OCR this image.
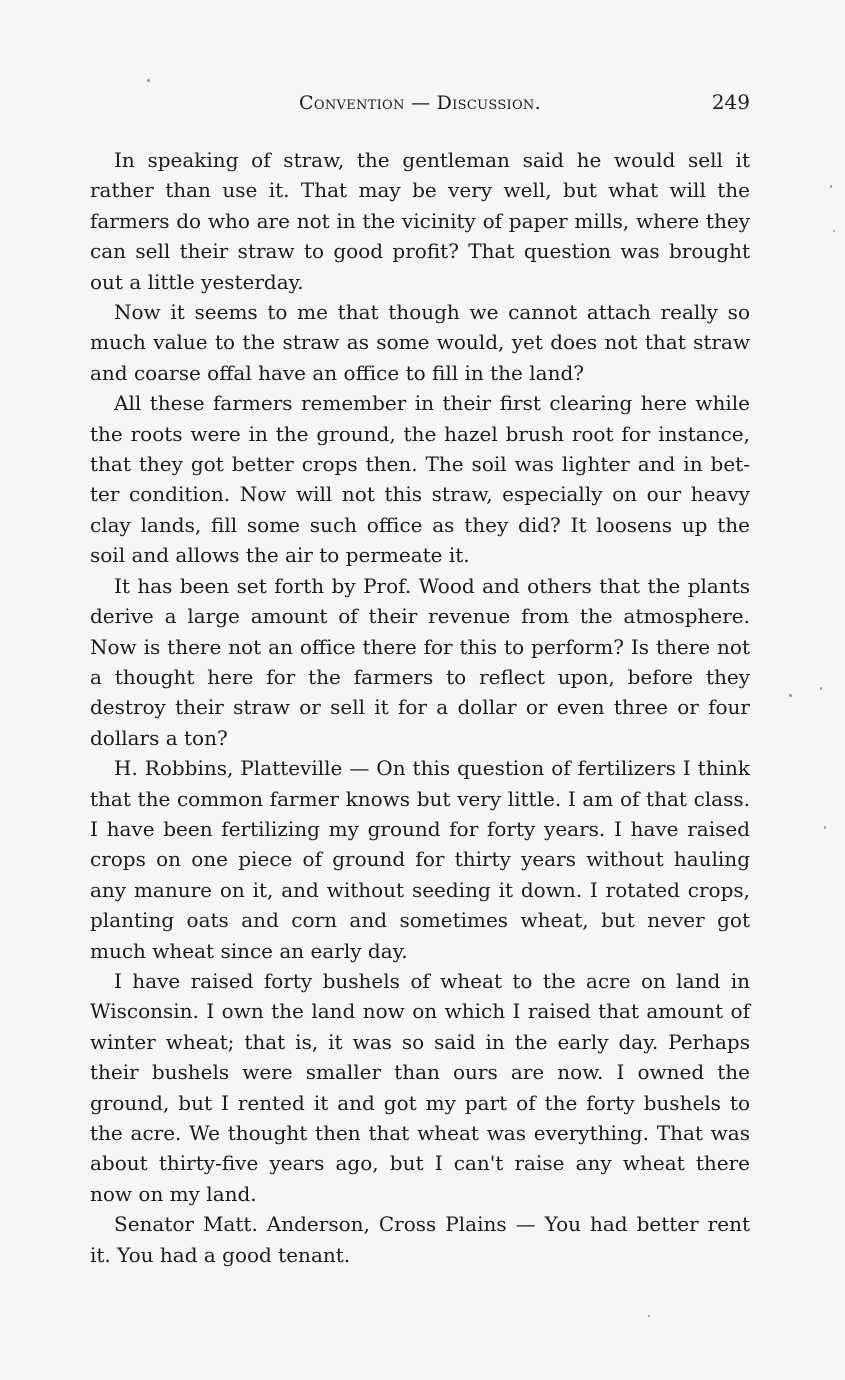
Convention — Discussion.	249

In speaking of straw, the gentleman said he would sell it rather than use it. That may be very well, but what will the farmers do who are not in the vicinity of paper mills, where they can sell their straw to good profit? That question was brought out a little yesterday.

Now it seems to me that though we cannot attach really so much value to the straw as some would, yet does not that straw and coarse offal have an office to fill in the land?

All these farmers remember in their first clearing here while the roots were in the ground, the hazel brush root for instance, that they got better crops then. The soil was lighter and in better condition. Now will not this straw, especially on our heavy clay lands, fill some such office as they did? It loosens up the soil and allows the air to permeate it.

It has been set forth by Prof. Wood and others that the plants derive a large amount of their revenue from the atmosphere. Now is there not an office there for this to perform? Is there not a thought here for the farmers to reflect upon, before they destroy their straw or sell it for a dollar or even three or four dollars a ton?

H. Robbins, Platteville — On this question of fertilizers I think that the common farmer knows but very little. I am of that class. I have been fertilizing my ground for forty years. I have raised crops on one piece of ground for thirty years without hauling any manure on it, and without seeding it down. I rotated crops, planting oats and corn and sometimes wheat, but never got much wheat since an early day.

I have raised forty bushels of wheat to the acre on land in Wisconsin. I own the land now on which I raised that amount of winter wheat; that is, it was so said in the early day. Perhaps their bushels were smaller than ours are now. I owned the ground, but I rented it and got my part of the forty bushels to the acre. We thought then that wheat was everything. That was about thirty-five years ago, but I can't raise any wheat there now on my land.

Senator Matt. Anderson, Cross Plains — You had better rent it. You had a good tenant.
